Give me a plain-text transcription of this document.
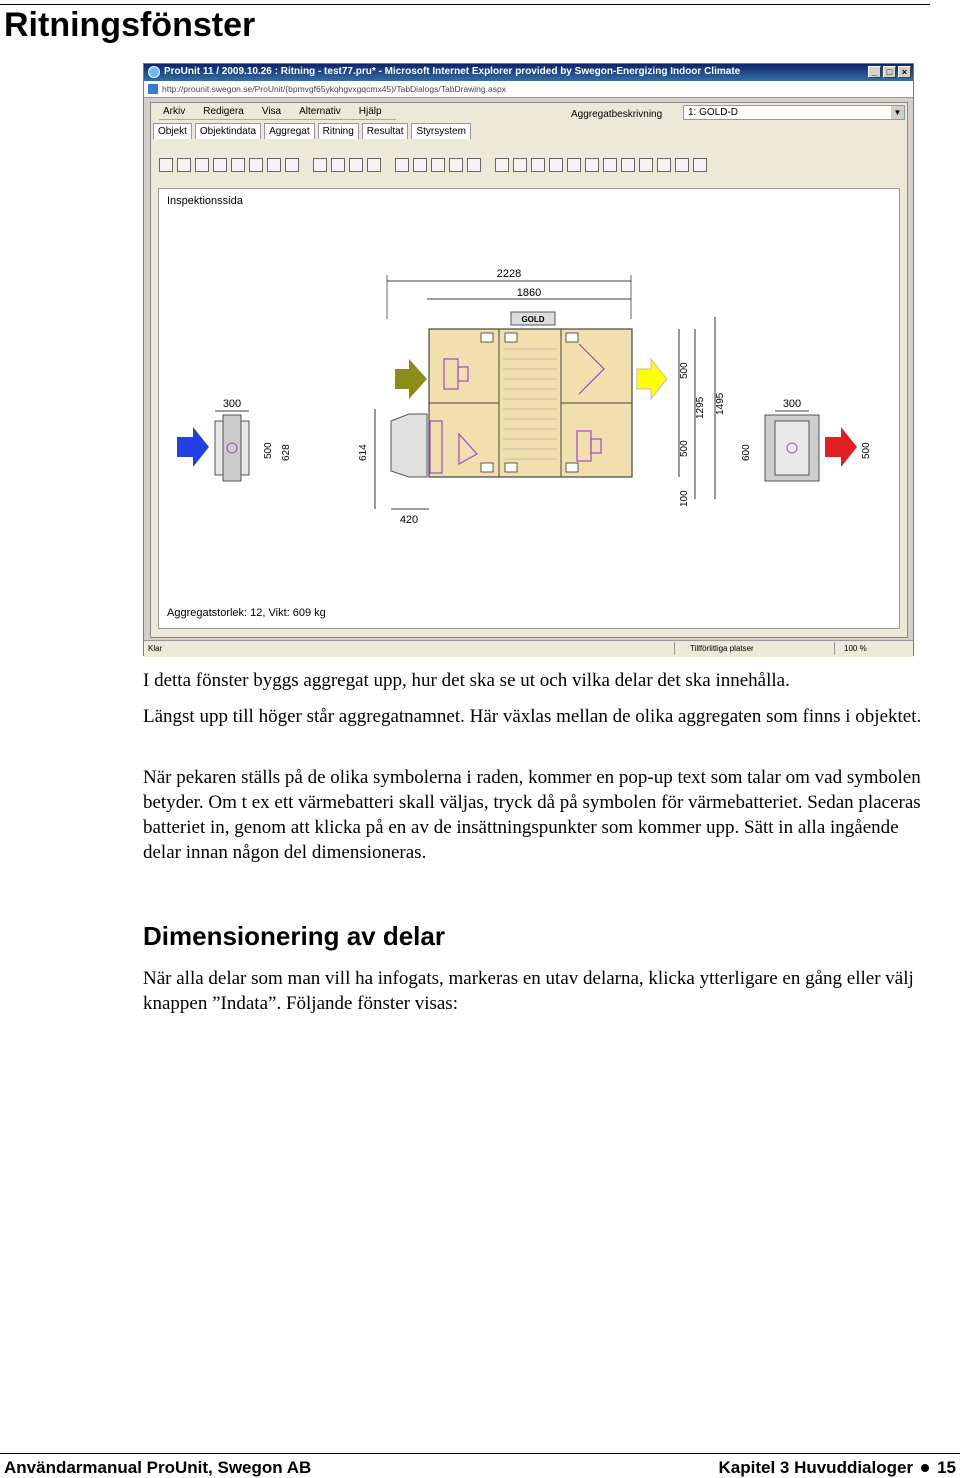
Ritningsfönster
ProUnit 11 / 2009.10.26 : Ritning - test77.pru* - Microsoft Internet Explorer provided by Swegon-Energizing Indoor Climate	_	□	×
http://prounit.swegon.se/ProUnit/(bpmvgf65ykqhgvxgqcmx45)/TabDialogs/TabDrawing.aspx
Arkiv	Redigera	Visa	Alternativ	Hjälp	Aggregatbeskrivning	1: GOLD-D	▼
Objekt	Objektindata	Aggregat	Ritning	Resultat	Styrsystem
Inspektionssida
2228
1860
GOLD
300
500 628	614
420
500
500
1295 1495
100
300
600	500
Aggregatstorlek: 12, Vikt: 609 kg
Klar	Tillförlitliga platser	100 %
I detta fönster byggs aggregat upp, hur det ska se ut och vilka delar det ska innehålla.
Längst upp till höger står aggregatnamnet. Här växlas mellan de olika aggregaten som finns i objektet.
När pekaren ställs på de olika symbolerna i raden, kommer en pop-up text som talar om vad symbolen betyder. Om t ex ett värmebatteri skall väljas, tryck då på symbolen för värmebatteriet. Sedan placeras batteriet in, genom att klicka på en av de insättningspunkter som kommer upp. Sätt in alla ingående delar innan någon del dimensioneras.
Dimensionering av delar
När alla delar som man vill ha infogats, markeras en utav delarna, klicka ytterligare en gång eller välj knappen ”Indata”. Följande fönster visas:
Användarmanual ProUnit, Swegon AB	Kapitel 3 Huvuddialoger 15
